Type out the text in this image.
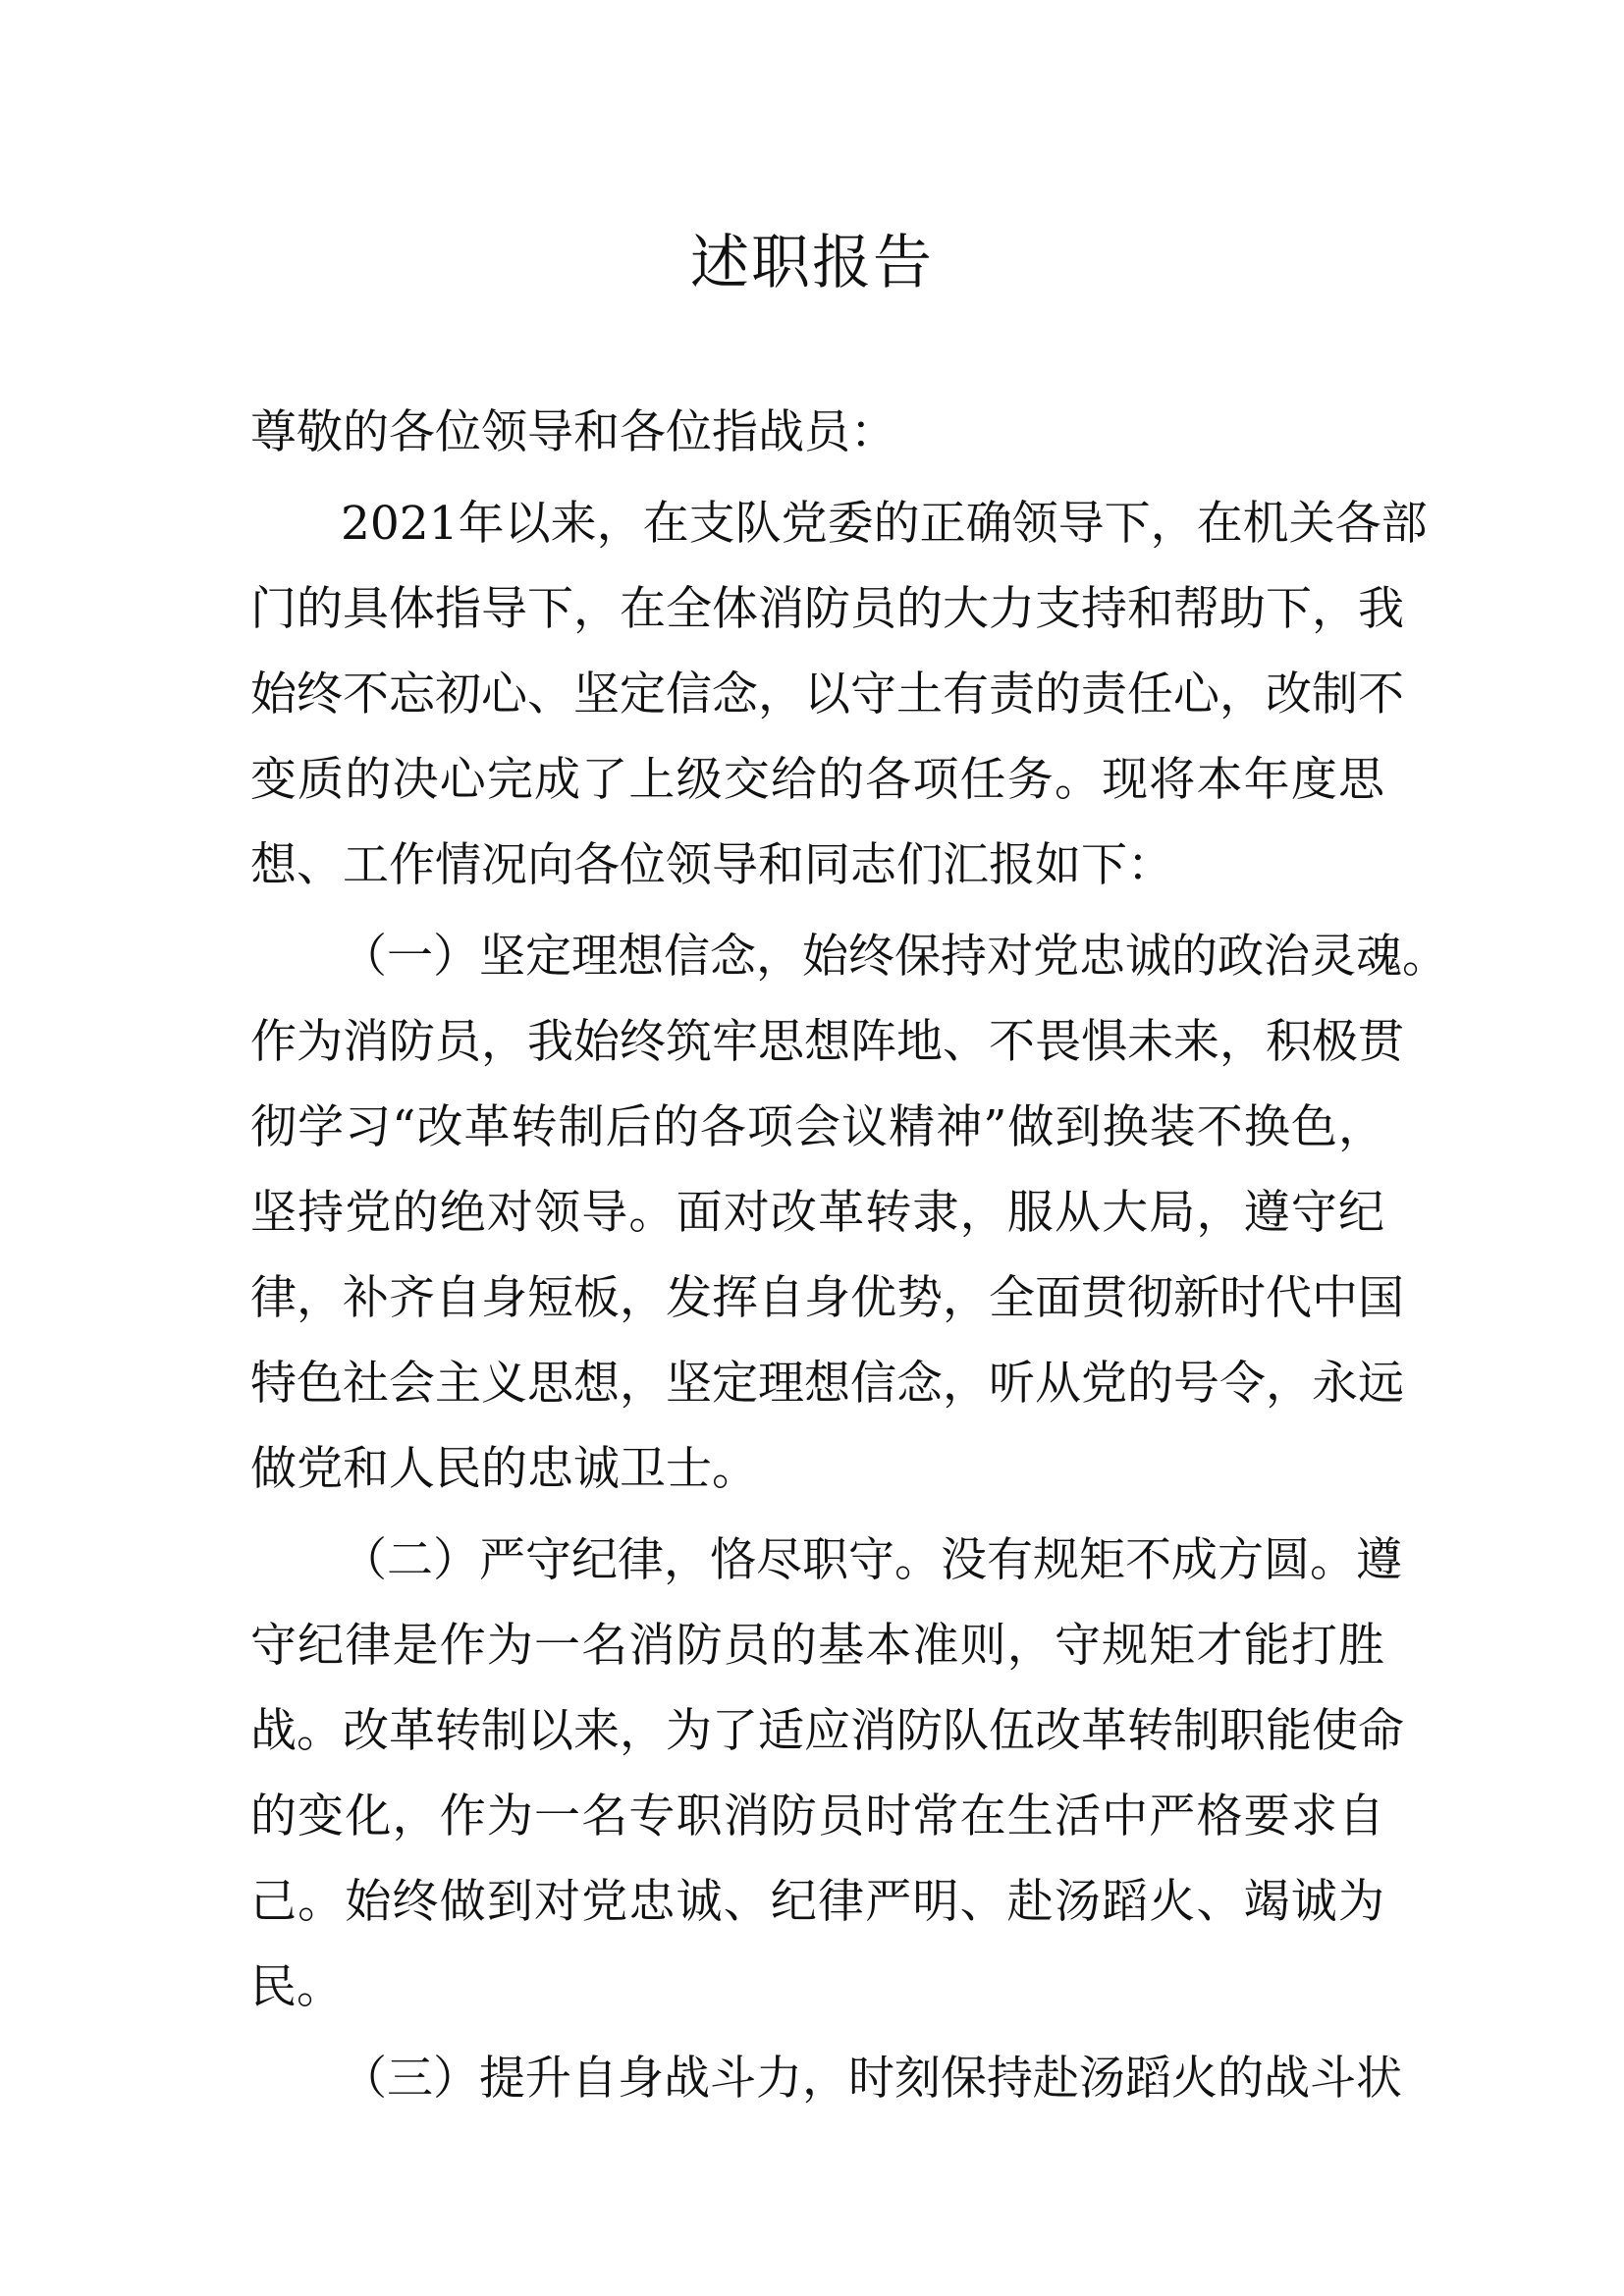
述职报告
尊敬的各位领导和各位指战员：
2021年以来，在支队党委的正确领导下，在机关各部
门的具体指导下，在全体消防员的大力支持和帮助下，我
始终不忘初心、坚定信念，以守土有责的责任心，改制不
变质的决心完成了上级交给的各项任务。现将本年度思
想、工作情况向各位领导和同志们汇报如下：
（一）坚定理想信念，始终保持对党忠诚的政治灵魂。
作为消防员，我始终筑牢思想阵地、不畏惧未来，积极贯
彻学习“改革转制后的各项会议精神”做到换装不换色，
坚持党的绝对领导。面对改革转隶，服从大局，遵守纪
律，补齐自身短板，发挥自身优势，全面贯彻新时代中国
特色社会主义思想，坚定理想信念，听从党的号令，永远
做党和人民的忠诚卫士。
（二）严守纪律，恪尽职守。没有规矩不成方圆。遵
守纪律是作为一名消防员的基本准则，守规矩才能打胜
战。改革转制以来，为了适应消防队伍改革转制职能使命
的变化，作为一名专职消防员时常在生活中严格要求自
己。始终做到对党忠诚、纪律严明、赴汤蹈火、竭诚为
民。
（三）提升自身战斗力，时刻保持赴汤蹈火的战斗状
